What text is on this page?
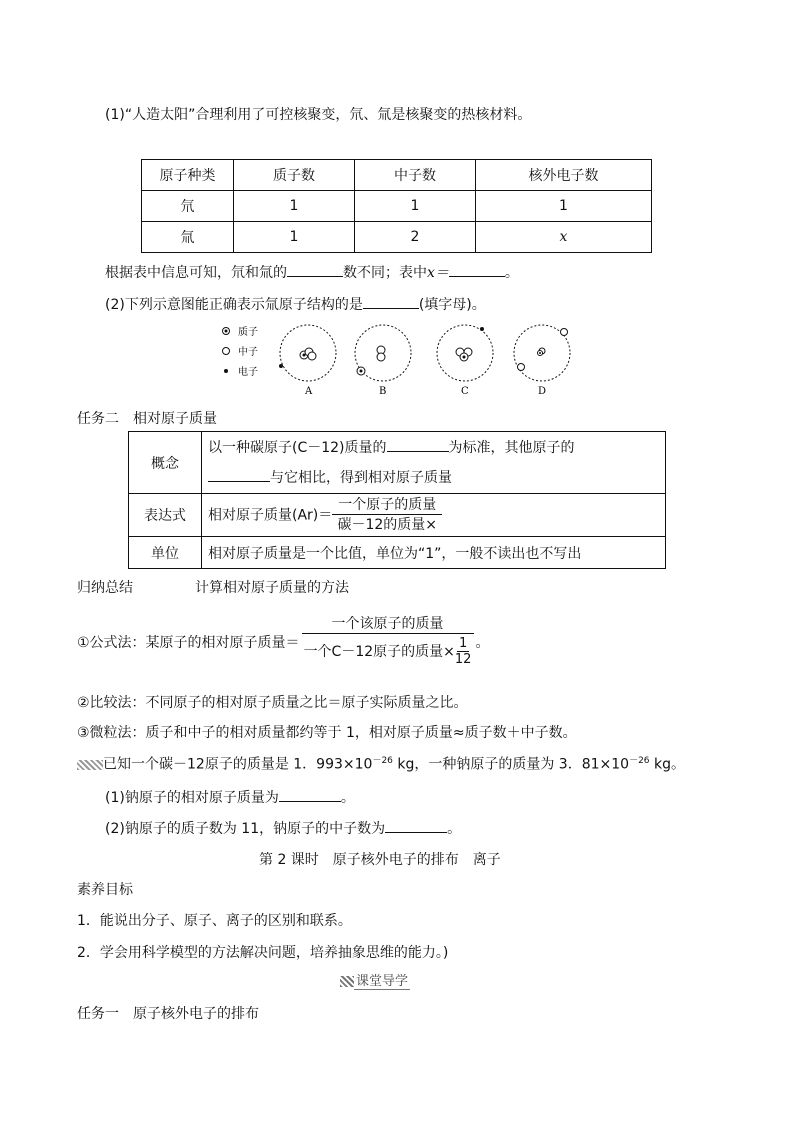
(1)“人造太阳”合理利用了可控核聚变，氘、氚是核聚变的热核材料。
原子种类	质子数	中子数	核外电子数
氘	1	1	1
氚	1	2	x
根据表中信息可知，氘和氚的	数不同；表中x＝	。
(2)下列示意图能正确表示氚原子结构的是	(填字母)。
质子
中子
电子
A	B	C	D
任务二　相对原子质量
概念	以一种碳原子(C－12)质量的 为标准，其他原子的
与它相比，得到相对原子质量
表达式	相对原子质量$(Ar)= \frac{\text{一个原子的质量}}{\text{碳－12的质量×}}$

单位	相对原子质量是一个比值，单位为“1”，一般不读出也不写出
归纳总结	计算相对原子质量的方法
①公式法：某原子的相对原子质量＝ $\frac{\text{一个该原子的质量}}{一个C-12原子的质量\times \frac{1}{12}}$ 。
②比较法：不同原子的相对原子质量之比＝原子实际质量之比。
③微粒法：质子和中子的相对质量都约等于 1，相对原子质量≈质子数＋中子数。
已知一个碳－12原子的质量是 1．$993\times 10^{-26}$ kg，一种钠原子的质量为 3．$81\times 10^{-26}$ kg。
(1)钠原子的相对原子质量为	。
(2)钠原子的质子数为 11，钠原子的中子数为	。
第 2 课时　原子核外电子的排布　离子
素养目标
1．能说出分子、原子、离子的区别和联系。
2．学会用科学模型的方法解决问题，培养抽象思维的能力。)
课堂导学
任务一　原子核外电子的排布
